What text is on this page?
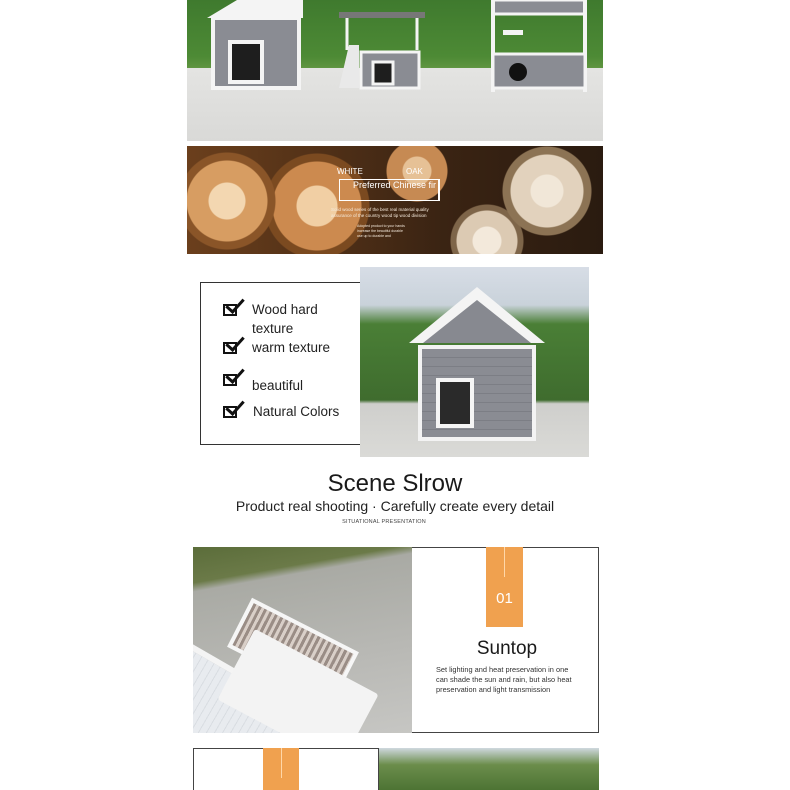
WHITE	OAK
Preferred Chinese fir
Solid wood series of the best real material quality
assurance of the country wood tip wood division
Adopted product to your hands
increase the beautiful durable
use up to durable and
Wood hard texture
warm texture
beautiful
Natural Colors
Scene Slrow
Product real shooting · Carefully create every detail
SITUATIONAL PRESENTATION
01
Suntop
Set lighting and heat preservation in one can shade the sun and rain, but also heat preservation and light transmission
